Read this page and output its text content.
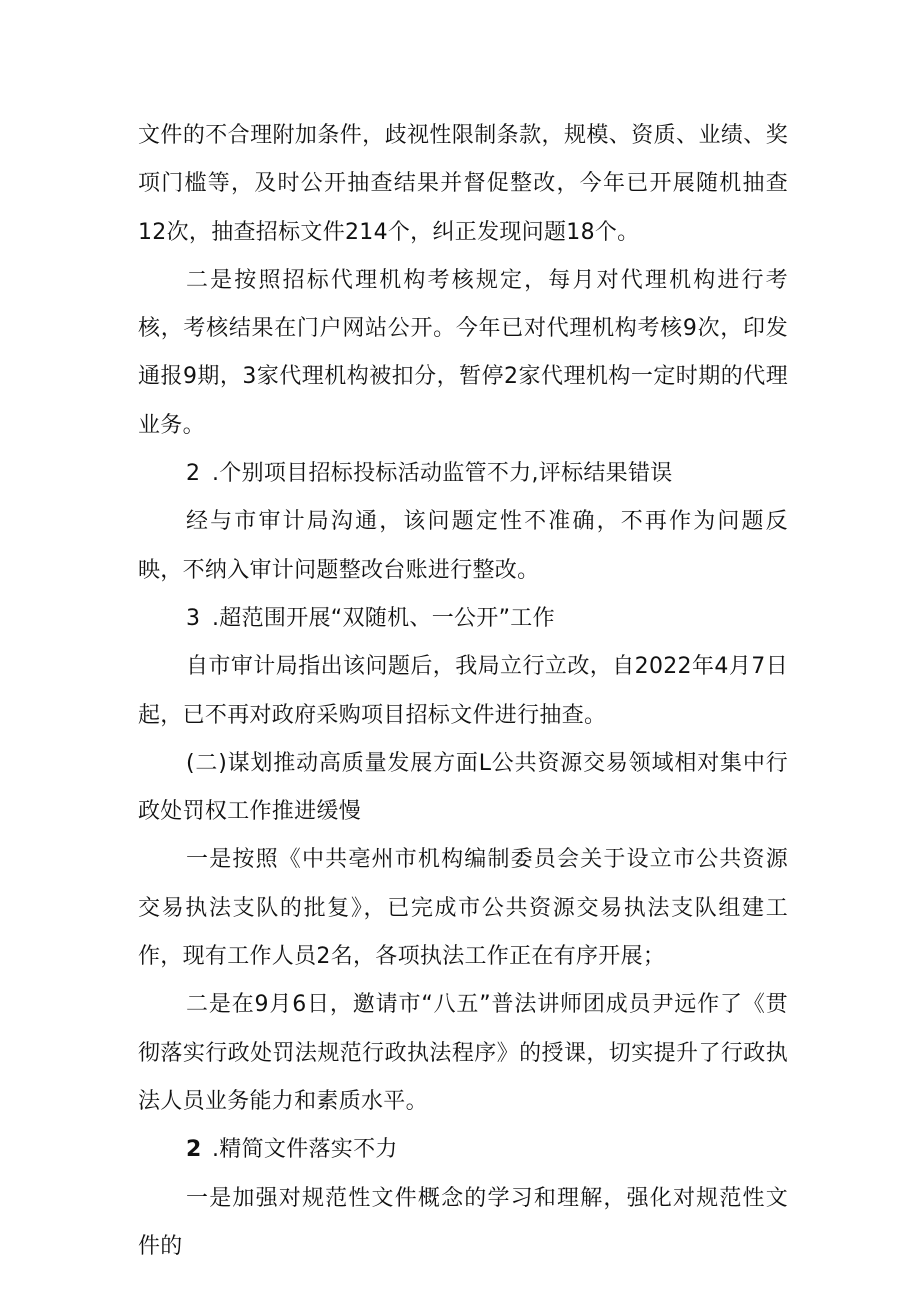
文件的不合理附加条件，歧视性限制条款，规模、资质、业绩、奖项门槛等，及时公开抽查结果并督促整改，今年已开展随机抽查12次，抽查招标文件214个，纠正发现问题18个。

二是按照招标代理机构考核规定，每月对代理机构进行考核，考核结果在门户网站公开。今年已对代理机构考核9次，印发通报9期，3家代理机构被扣分，暂停2家代理机构一定时期的代理业务。

2 .个别项目招标投标活动监管不力,评标结果错误

经与市审计局沟通，该问题定性不准确，不再作为问题反映，不纳入审计问题整改台账进行整改。

3 .超范围开展“双随机、一公开”工作

自市审计局指出该问题后，我局立行立改，自2022年4月7日起，已不再对政府采购项目招标文件进行抽查。

(二)谋划推动高质量发展方面L公共资源交易领域相对集中行政处罚权工作推进缓慢

一是按照《中共亳州市机构编制委员会关于设立市公共资源交易执法支队的批复》，已完成市公共资源交易执法支队组建工作，现有工作人员2名，各项执法工作正在有序开展；

二是在9月6日，邀请市“八五”普法讲师团成员尹远作了《贯彻落实行政处罚法规范行政执法程序》的授课，切实提升了行政执法人员业务能力和素质水平。

2 .精简文件落实不力

一是加强对规范性文件概念的学习和理解，强化对规范性文件的
